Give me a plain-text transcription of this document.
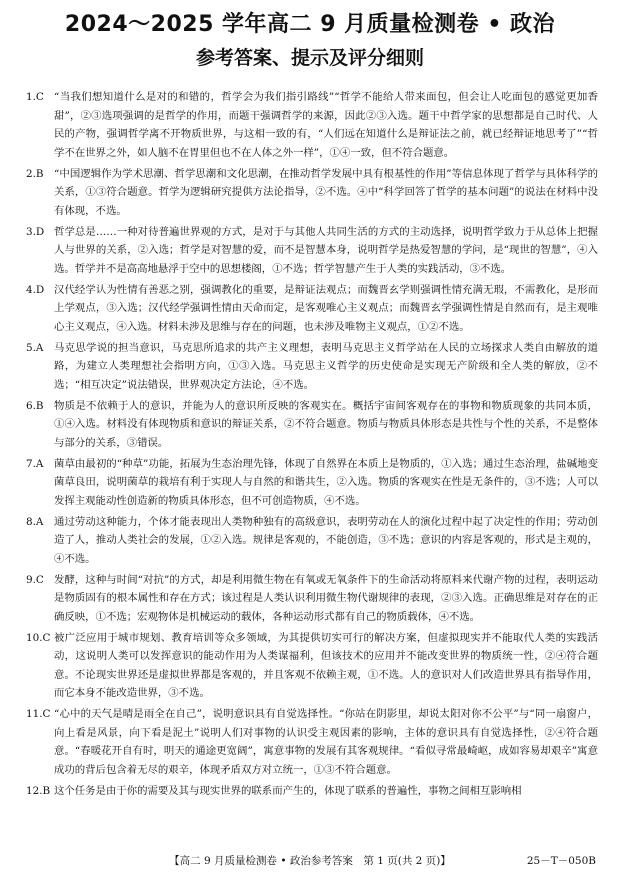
2024～2025 学年高二 9 月质量检测卷 • 政治
参考答案、提示及评分细则
1.C “当我们想知道什么是对的和错的，哲学会为我们指引路线”“哲学不能给人带来面包，但会让人吃面包的感觉更加香甜”，②③选项强调的是哲学的作用，而题干强调哲学的来源，因此②③入选。题干中哲学家的思想都是自己时代、人民的产物，强调哲学离不开物质世界，与这相一致的有，“人们远在知道什么是辩证法之前，就已经辩证地思考了”“哲学不在世界之外，如人脑不在胃里但也不在人体之外一样”，①④一致，但不符合题意。
2.B “中国逻辑作为学术思潮、哲学思潮和文化思潮，在推动哲学发展中具有根基性的作用”等信息体现了哲学与具体科学的关系，①③符合题意。哲学为逻辑研究提供方法论指导，②不选。④中“科学回答了哲学的基本问题”的说法在材料中没有体现，不选。
3.D 哲学总是……一种对待普遍世界观的方式，是对于与其他人共同生活的方式的主动选择，说明哲学致力于从总体上把握人与世界的关系，②入选；哲学是对智慧的爱，而不是智慧本身，说明哲学是热爱智慧的学问，是“现世的智慧”，④入选。哲学并不是高高地悬浮于空中的思想楼阁，①不选；哲学智慧产生于人类的实践活动，③不选。
4.D 汉代经学认为性情有善恶之别，强调教化的重要，是辩证法观点；而魏晋玄学则强调性情充满无瑕，不需教化，是形而上学观点，③入选；汉代经学强调性情由天命而定，是客观唯心主义观点；而魏晋玄学强调性情是自然而有，是主观唯心主义观点，④入选。材料未涉及思维与存在的问题，也未涉及唯物主义观点，①②不选。
5.A 马克思学说的担当意识，马克思所追求的共产主义理想，表明马克思主义哲学站在人民的立场探求人类自由解放的道路，为建立人类理想社会指明方向，①③入选。马克思主义哲学的历史使命是实现无产阶级和全人类的解放，②不选；“相互决定”说法错误，世界观决定方法论，④不选。
6.B 物质是不依赖于人的意识，并能为人的意识所反映的客观实在。概括宇宙间客观存在的事物和物质现象的共同本质，①④入选。材料没有体现物质和意识的辩证关系，②不符合题意。物质与物质具体形态是共性与个性的关系，不是整体与部分的关系，③错误。
7.A 菌草由最初的“种草”功能，拓展为生态治理先锋，体现了自然界在本质上是物质的，①入选；通过生态治理，盐碱地变菌草良田，说明菌草的栽培有利于实现人与自然的和谐共生，②入选。物质的客观实在性是无条件的，③不选；人可以发挥主观能动性创造新的物质具体形态，但不可创造物质，④不选。
8.A 通过劳动这种能力，个体才能表现出人类物种独有的高级意识，表明劳动在人的演化过程中起了决定性的作用；劳动创造了人，推动人类社会的发展，①②入选。规律是客观的，不能创造，③不选；意识的内容是客观的，形式是主观的，④不选。
9.C 发酵，这种与时间“对抗”的方式，却是利用微生物在有氧或无氧条件下的生命活动将原料来代谢产物的过程，表明运动是物质固有的根本属性和存在方式；该过程是人类认识利用微生物代谢规律的表现，②③入选。正确思维是对存在的正确反映，①不选；宏观物体是机械运动的载体，各种运动形式都有自己的物质载体，④不选。
10.C 被广泛应用于城市规划、教育培训等众多领域，为其提供切实可行的解决方案，但虚拟现实并不能取代人类的实践活动，这说明人类可以发挥意识的能动作用为人类谋福利，但该技术的应用并不能改变世界的物质统一性，②④符合题意。不论现实世界还是虚拟世界都是客观的，并且客观不依赖主观，①不选。人的意识对人们改造世界具有指导作用，而它本身不能改造世界，③不选。
11.C “心中的天气是晴是雨全在自己”，说明意识具有自觉选择性。“你站在阴影里，却说太阳对你不公平”与“同一扇窗户，向上看是风景，向下看是泥土”说明人们对事物的认识受主观因素的影响，主体的意识具有自觉选择性，②④符合题意。“春暖花开自有时，明天的通途更宽阔”，寓意事物的发展有其客观规律。“看似寻常最崎岖，成如容易却艰辛”寓意成功的背后包含着无尽的艰辛，体现矛盾双方对立统一，①③不符合题意。
12.B 这个任务是由于你的需要及其与现实世界的联系而产生的，体现了联系的普遍性，事物之间相互影响相
【高二 9 月质量检测卷 • 政治参考答案　第 1 页(共 2 页)】	25－T－050B
